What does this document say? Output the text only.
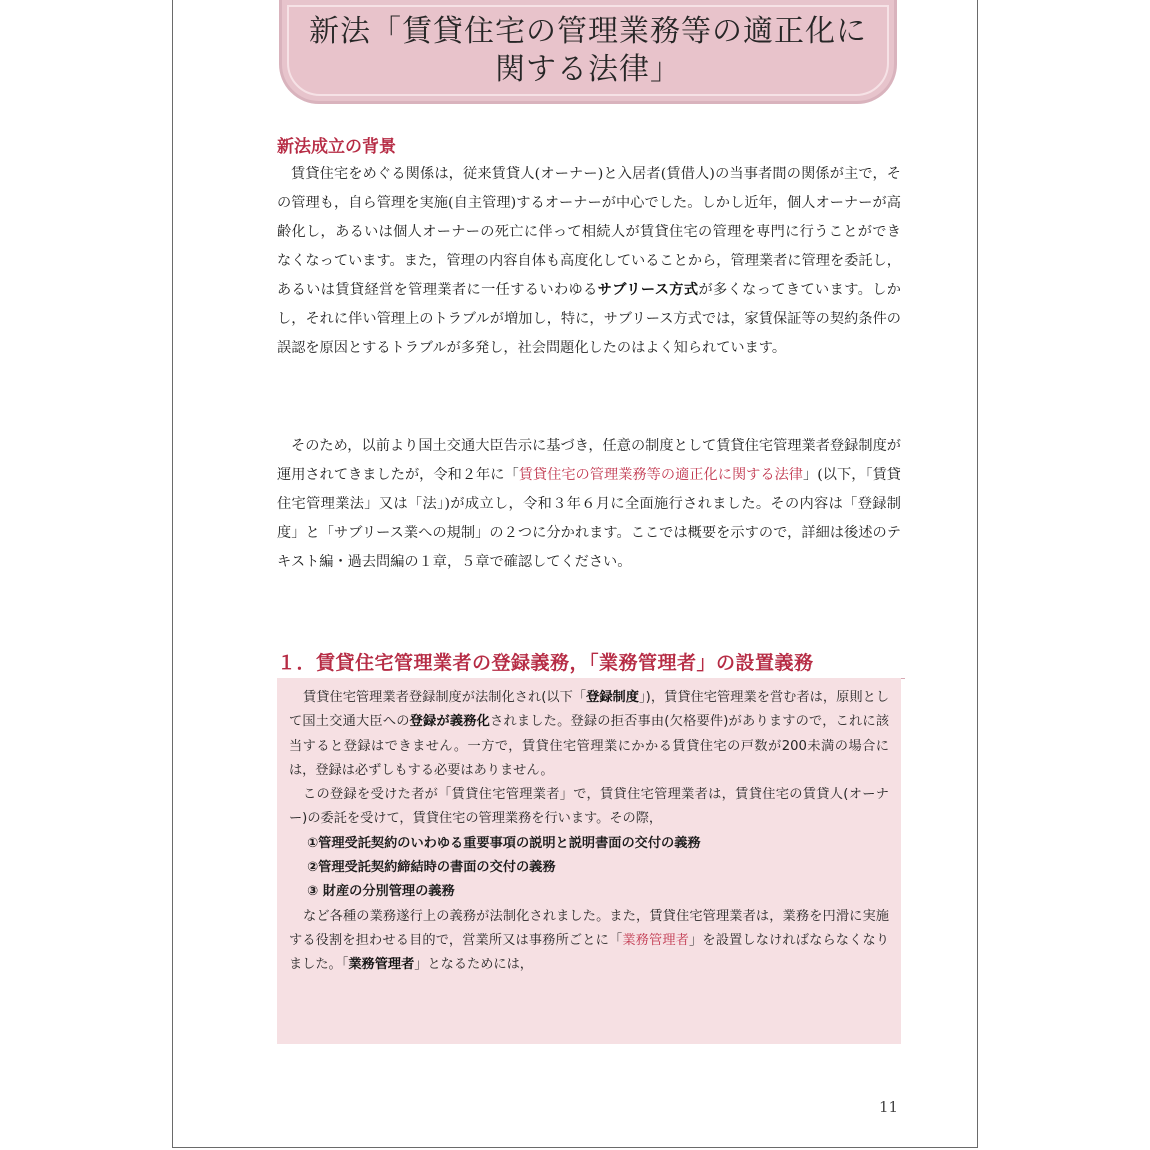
新法「賃貸住宅の管理業務等の適正化に
関する法律」
新法成立の背景

賃貸住宅をめぐる関係は，従来賃貸人(オーナー)と入居者(賃借人)の当事者間の関係が主で，その管理も，自ら管理を実施(自主管理)するオーナーが中心でした。しかし近年，個人オーナーが高齢化し，あるいは個人オーナーの死亡に伴って相続人が賃貸住宅の管理を専門に行うことができなくなっています。また，管理の内容自体も高度化していることから，管理業者に管理を委託し，あるいは賃貸経営を管理業者に一任するいわゆるサブリース方式が多くなってきています。しかし，それに伴い管理上のトラブルが増加し，特に，サブリース方式では，家賃保証等の契約条件の誤認を原因とするトラブルが多発し，社会問題化したのはよく知られています。

そのため，以前より国土交通大臣告示に基づき，任意の制度として賃貸住宅管理業者登録制度が運用されてきましたが，令和２年に「賃貸住宅の管理業務等の適正化に関する法律」(以下，「賃貸住宅管理業法」又は「法」)が成立し，令和３年６月に全面施行されました。その内容は「登録制度」と「サブリース業への規制」の２つに分かれます。ここでは概要を示すので，詳細は後述のテキスト編・過去問編の１章，５章で確認してください。

１．賃貸住宅管理業者の登録義務，「業務管理者」の設置義務

賃貸住宅管理業者登録制度が法制化され(以下「登録制度」)，賃貸住宅管理業を営む者は，原則として国土交通大臣への登録が義務化されました。登録の拒否事由(欠格要件)がありますので，これに該当すると登録はできません。一方で，賃貸住宅管理業にかかる賃貸住宅の戸数が200未満の場合には，登録は必ずしもする必要はありません。

この登録を受けた者が「賃貸住宅管理業者」で，賃貸住宅管理業者は，賃貸住宅の賃貸人(オーナー)の委託を受けて，賃貸住宅の管理業務を行います。その際，

①管理受託契約のいわゆる重要事項の説明と説明書面の交付の義務

②管理受託契約締結時の書面の交付の義務

③ 財産の分別管理の義務

など各種の業務遂行上の義務が法制化されました。また，賃貸住宅管理業者は，業務を円滑に実施する役割を担わせる目的で，営業所又は事務所ごとに「業務管理者」を設置しなければならなくなりました。「業務管理者」となるためには，

11
